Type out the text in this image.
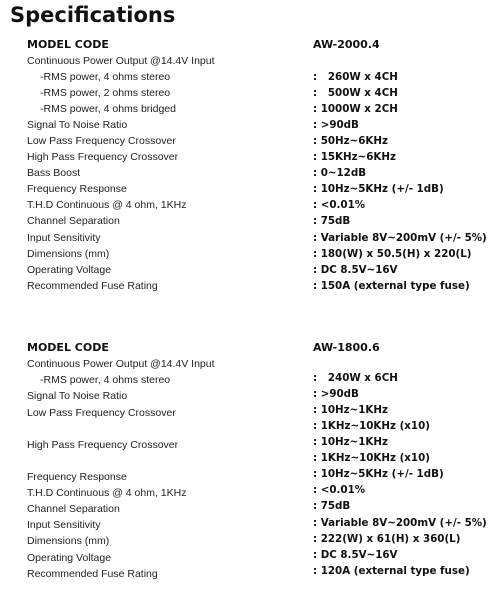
Specifications
MODEL CODE	AW-2000.4
Continuous Power Output @14.4V Input
-RMS power, 4 ohms stereo
-RMS power, 2 ohms stereo
-RMS power, 4 ohms bridged
Signal To Noise Ratio
Low Pass Frequency Crossover
High Pass Frequency Crossover
Bass Boost
Frequency Response
T.H.D Continuous @ 4 ohm, 1KHz
Channel Separation
Input Sensitivity
Dimensions (mm)
Operating Voltage
Recommended Fuse Rating
:   260W x 4CH
:   500W x 4CH
: 1000W x 2CH
: >90dB
: 50Hz~6KHz
: 15KHz~6KHz
: 0~12dB
: 10Hz~5KHz (+/- 1dB)
: <0.01%
: 75dB
: Variable 8V~200mV (+/- 5%)
: 180(W) x 50.5(H) x 220(L)
: DC 8.5V~16V
: 150A (external type fuse)
MODEL CODE	AW-1800.6
Continuous Power Output @14.4V Input
-RMS power, 4 ohms stereo
Signal To Noise Ratio
Low Pass Frequency Crossover
High Pass Frequency Crossover
Frequency Response
T.H.D Continuous @ 4 ohm, 1KHz
Channel Separation
Input Sensitivity
Dimensions (mm)
Operating Voltage
Recommended Fuse Rating
:   240W x 6CH
: >90dB
: 10Hz~1KHz
: 1KHz~10KHz (x10)
: 10Hz~1KHz
: 1KHz~10KHz (x10)
: 10Hz~5KHz (+/- 1dB)
: <0.01%
: 75dB
: Variable 8V~200mV (+/- 5%)
: 222(W) x 61(H) x 360(L)
: DC 8.5V~16V
: 120A (external type fuse)
